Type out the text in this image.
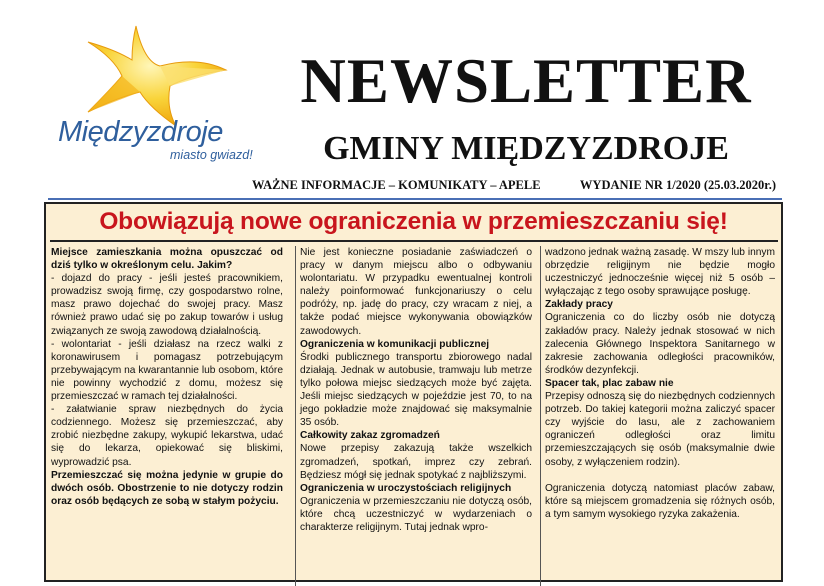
Międzyzdroje
miasto gwiazd!
NEWSLETTER
GMINY MIĘDZYZDROJE
WAŻNE INFORMACJE – KOMUNIKATY – APELE	WYDANIE NR 1/2020 (25.03.2020r.)
Obowiązują nowe ograniczenia w przemieszczaniu się!

Miejsce zamieszkania można opuszczać od dziś tylko w określonym celu. Jakim?

- dojazd do pracy - jeśli jesteś pracownikiem, prowadzisz swoją firmę, czy gospodarstwo rolne, masz prawo dojechać do swojej pracy. Masz również prawo udać się po zakup towarów i usług związanych ze swoją zawodową działalnością.

- wolontariat - jeśli działasz na rzecz walki z koronawirusem i pomagasz potrzebującym przebywającym na kwarantannie lub osobom, które nie powinny wychodzić z domu, możesz się przemieszczać w ramach tej działalności.

- załatwianie spraw niezbędnych do życia codziennego. Możesz się przemieszczać, aby zrobić niezbędne zakupy, wykupić lekarstwa, udać się do lekarza, opiekować się bliskimi, wyprowadzić psa.

Przemieszczać się można jedynie w grupie do dwóch osób. Obostrzenie to nie dotyczy rodzin oraz osób będących ze sobą w stałym pożyciu.

Nie jest konieczne posiadanie zaświadczeń o pracy w danym miejscu albo o odbywaniu wolontariatu. W przypadku ewentualnej kontroli należy poinformować funkcjonariuszy o celu podróży, np. jadę do pracy, czy wracam z niej, a także podać miejsce wykonywania obowiązków zawodowych.

Ograniczenia w komunikacji publicznej

Środki publicznego transportu zbiorowego nadal działają. Jednak w autobusie, tramwaju lub metrze tylko połowa miejsc siedzących może być zajęta. Jeśli miejsc siedzących w pojeździe jest 70, to na jego pokładzie może znajdować się maksymalnie 35 osób.

Całkowity zakaz zgromadzeń

Nowe przepisy zakazują także wszelkich zgromadzeń, spotkań, imprez czy zebrań. Będziesz mógł się jednak spotykać z najbliższymi.

Ograniczenia w uroczystościach religijnych

Ograniczenia w przemieszczaniu nie dotyczą osób, które chcą uczestniczyć w wydarzeniach o charakterze religijnym. Tutaj jednak wpro-

wadzono jednak ważną zasadę. W mszy lub innym obrzędzie religijnym nie będzie mogło uczestniczyć jednocześnie więcej niż 5 osób – wyłączając z tego osoby sprawujące posługę.

Zakłady pracy

Ograniczenia co do liczby osób nie dotyczą zakładów pracy. Należy jednak stosować w nich zalecenia Głównego Inspektora Sanitarnego w zakresie zachowania odległości pracowników, środków dezynfekcji.

Spacer tak, plac zabaw nie

Przepisy odnoszą się do niezbędnych codziennych potrzeb. Do takiej kategorii można zaliczyć spacer czy wyjście do lasu, ale z zachowaniem ograniczeń odległości oraz limitu przemieszczających się osób (maksymalnie dwie osoby, z wyłączeniem rodzin).

Ograniczenia dotyczą natomiast placów zabaw, które są miejscem gromadzenia się różnych osób, a tym samym wysokiego ryzyka zakażenia.
